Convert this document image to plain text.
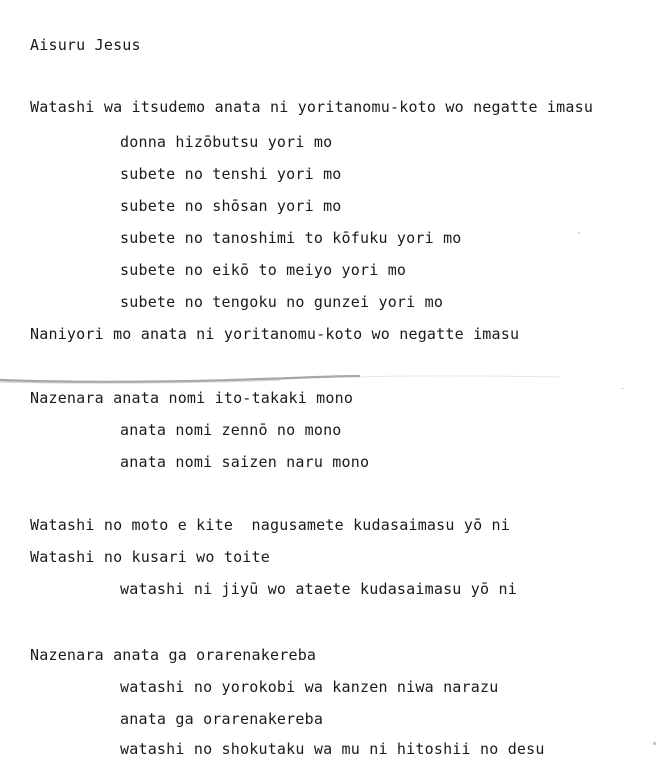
Aisuru Jesus
Watashi wa itsudemo anata ni yoritanomu-koto wo negatte imasu
donna hizōbutsu yori mo
subete no tenshi yori mo
subete no shōsan yori mo
subete no tanoshimi to kōfuku yori mo
subete no eikō to meiyo yori mo
subete no tengoku no gunzei yori mo
Naniyori mo anata ni yoritanomu-koto wo negatte imasu
Nazenara anata nomi ito-takaki mono
anata nomi zennō no mono
anata nomi saizen naru mono
Watashi no moto e kite  nagusamete kudasaimasu yō ni
Watashi no kusari wo toite
watashi ni jiyū wo ataete kudasaimasu yō ni
Nazenara anata ga orarenakereba
watashi no yorokobi wa kanzen niwa narazu
anata ga orarenakereba
watashi no shokutaku wa mu ni hitoshii no desu
